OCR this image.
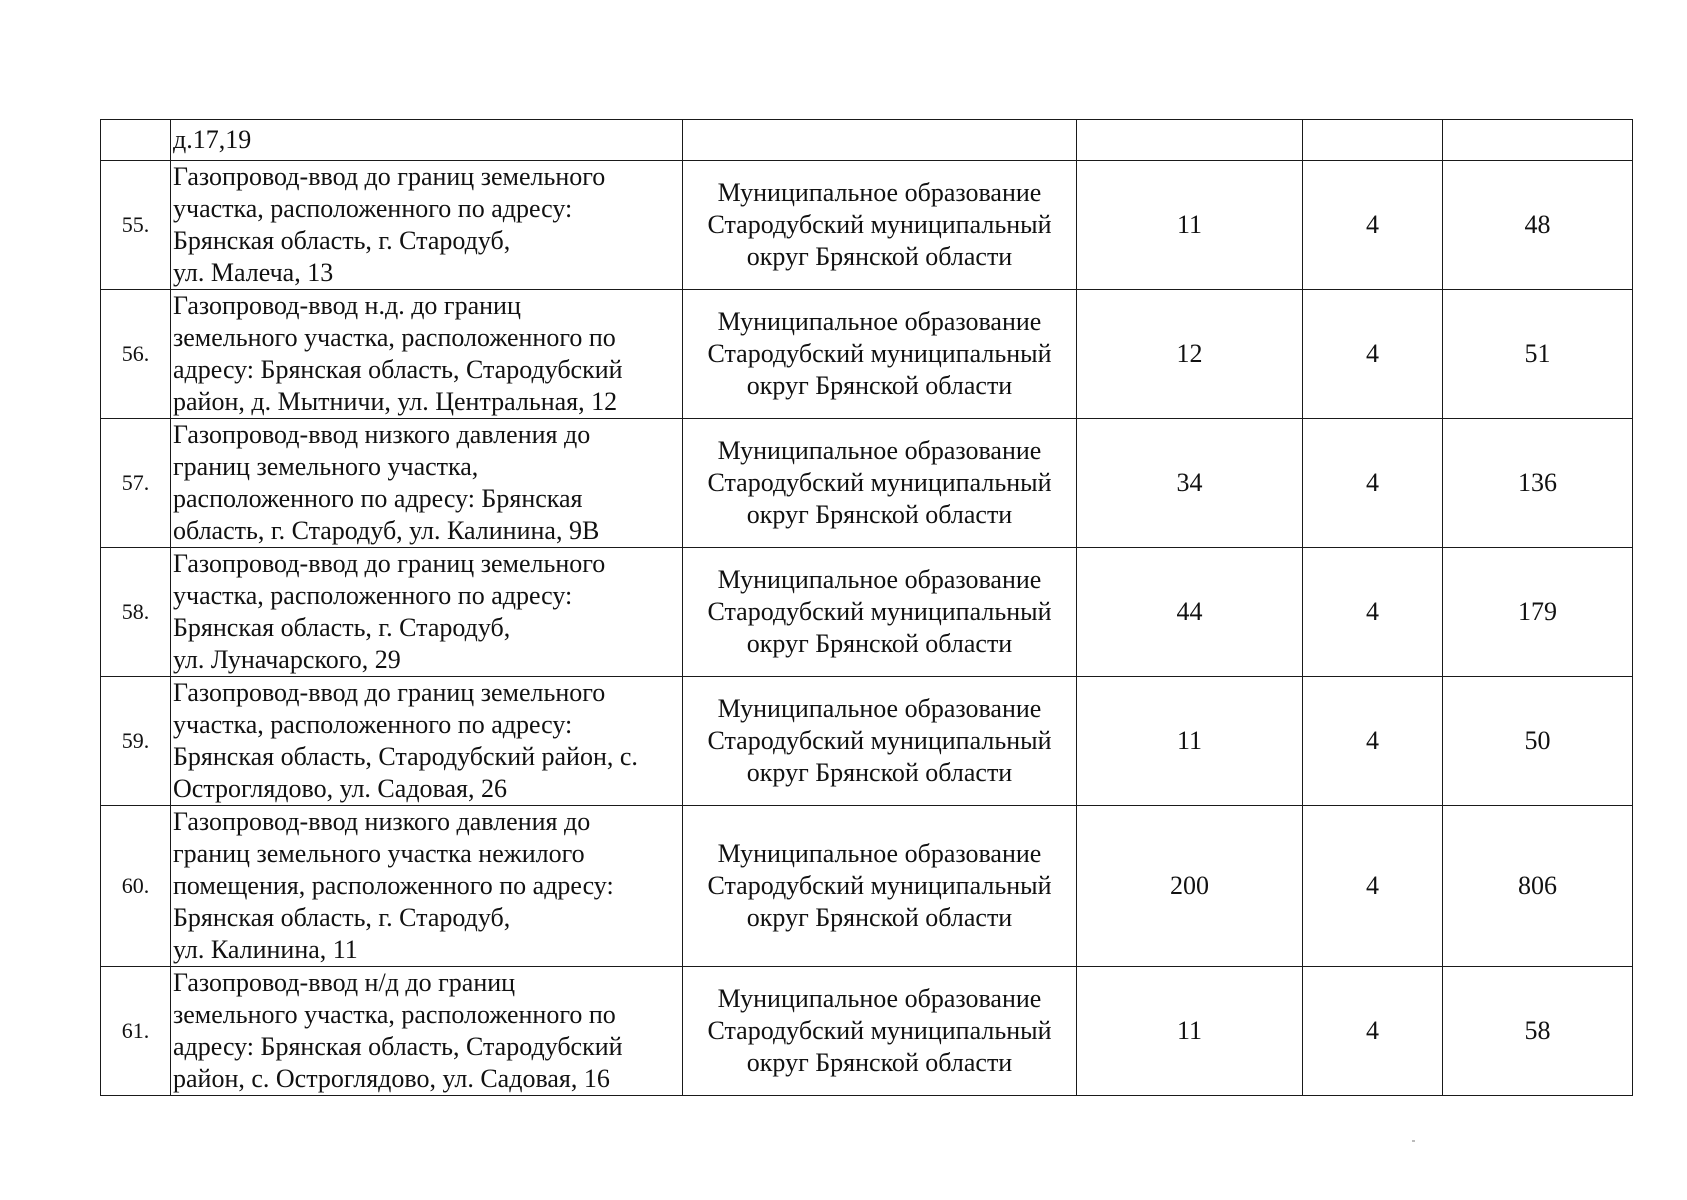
	д.17,19				

55.	Газопровод-ввод до границ земельного
участка, расположенного по адресу:
Брянская область, г. Стародуб,
ул. Малеча, 13	Муниципальное образование
Стародубский муниципальный
округ Брянской области	11	4	48
56.	Газопровод-ввод н.д. до границ
земельного участка, расположенного по
адресу: Брянская область, Стародубский
район, д. Мытничи, ул. Центральная, 12	Муниципальное образование
Стародубский муниципальный
округ Брянской области	12	4	51
57.	Газопровод-ввод низкого давления до
границ земельного участка,
расположенного по адресу: Брянская
область, г. Стародуб, ул. Калинина, 9В	Муниципальное образование
Стародубский муниципальный
округ Брянской области	34	4	136
58.	Газопровод-ввод до границ земельного
участка, расположенного по адресу:
Брянская область, г. Стародуб,
ул. Луначарского, 29	Муниципальное образование
Стародубский муниципальный
округ Брянской области	44	4	179
59.	Газопровод-ввод до границ земельного
участка, расположенного по адресу:
Брянская область, Стародубский район, с.
Остроглядово, ул. Садовая, 26	Муниципальное образование
Стародубский муниципальный
округ Брянской области	11	4	50
60.	Газопровод-ввод низкого давления до
границ земельного участка нежилого
помещения, расположенного по адресу:
Брянская область, г. Стародуб,
ул. Калинина, 11	Муниципальное образование
Стародубский муниципальный
округ Брянской области	200	4	806
61.	Газопровод-ввод н/д до границ
земельного участка, расположенного по
адресу: Брянская область, Стародубский
район, с. Остроглядово, ул. Садовая, 16	Муниципальное образование
Стародубский муниципальный
округ Брянской области	11	4	58
